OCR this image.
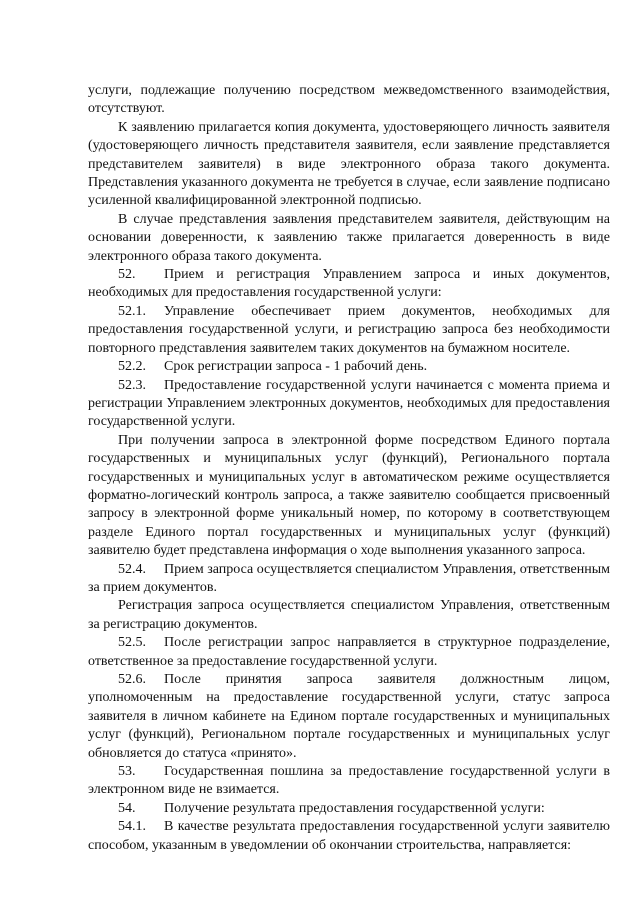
услуги, подлежащие получению посредством межведомственного взаимодействия, отсутствуют.

К заявлению прилагается копия документа, удостоверяющего личность заявителя (удостоверяющего личность представителя заявителя, если заявление представляется представителем заявителя) в виде электронного образа такого документа. Представления указанного документа не требуется в случае, если заявление подписано усиленной квалифицированной электронной подписью.

В случае представления заявления представителем заявителя, действующим на основании доверенности, к заявлению также прилагается доверенность в виде электронного образа такого документа.

52. Прием и регистрация Управлением запроса и иных документов, необходимых для предоставления государственной услуги:

52.1. Управление обеспечивает прием документов, необходимых для предоставления государственной услуги, и регистрацию запроса без необходимости повторного представления заявителем таких документов на бумажном носителе.

52.2. Срок регистрации запроса - 1 рабочий день.

52.3. Предоставление государственной услуги начинается с момента приема и регистрации Управлением электронных документов, необходимых для предоставления государственной услуги.

При получении запроса в электронной форме посредством Единого портала государственных и муниципальных услуг (функций), Регионального портала государственных и муниципальных услуг в автоматическом режиме осуществляется форматно-логический контроль запроса, а также заявителю сообщается присвоенный запросу в электронной форме уникальный номер, по которому в соответствующем разделе Единого портал государственных и муниципальных услуг (функций) заявителю будет представлена информация о ходе выполнения указанного запроса.

52.4. Прием запроса осуществляется специалистом Управления, ответственным за прием документов.

Регистрация запроса осуществляется специалистом Управления, ответственным за регистрацию документов.

52.5. После регистрации запрос направляется в структурное подразделение, ответственное за предоставление государственной услуги.

52.6. После принятия запроса заявителя должностным лицом, уполномоченным на предоставление государственной услуги, статус запроса заявителя в личном кабинете на Едином портале государственных и муниципальных услуг (функций), Региональном портале государственных и муниципальных услуг обновляется до статуса «принято».

53. Государственная пошлина за предоставление государственной услуги в электронном виде не взимается.

54. Получение результата предоставления государственной услуги:

54.1. В качестве результата предоставления государственной услуги заявителю способом, указанным в уведомлении об окончании строительства, направляется:
